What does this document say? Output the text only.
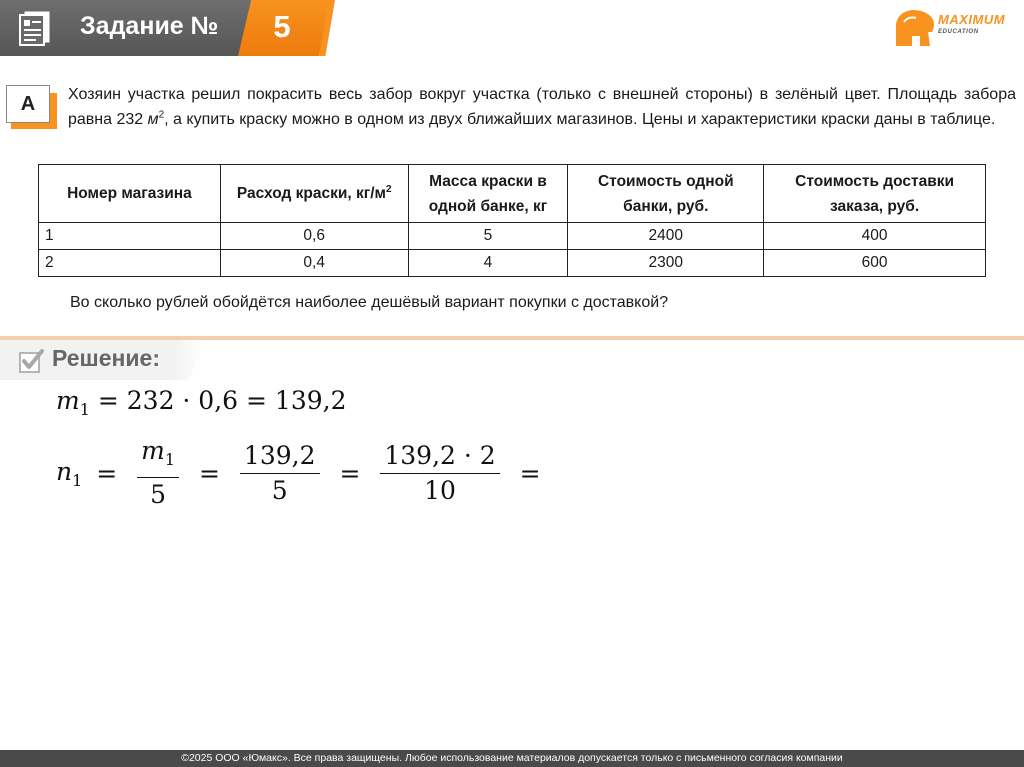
Задание №	5	MAXIMUM
EDUCATION
A	Хозяин участка решил покрасить весь забор вокруг участка (только с внешней стороны) в зелёный цвет. Площадь забора равна 232 $м^2$, а купить краску можно в одном из двух ближайших магазинов. Цены и характеристики краски даны в таблице.
Номер магазина	Расход краски, $кг/м^2$	Масса краски в одной банке, кг	Стоимость одной банки, руб.	Стоимость доставки заказа, руб.
1	0,6	5	2400	400
2	0,4	4	2300	600
Во сколько рублей обойдётся наиболее дешёвый вариант покупки с доставкой?
Решение:
$m_1 = 232 \cdot 0,6 = 139,2$
$n_1 = \frac{m_1}{5} = \frac{139,2}{5} = \frac{139,2 \cdot 2}{10}$ =
©2025 ООО «Юмакс». Все права защищены. Любое использование материалов допускается только с письменного согласия компании
